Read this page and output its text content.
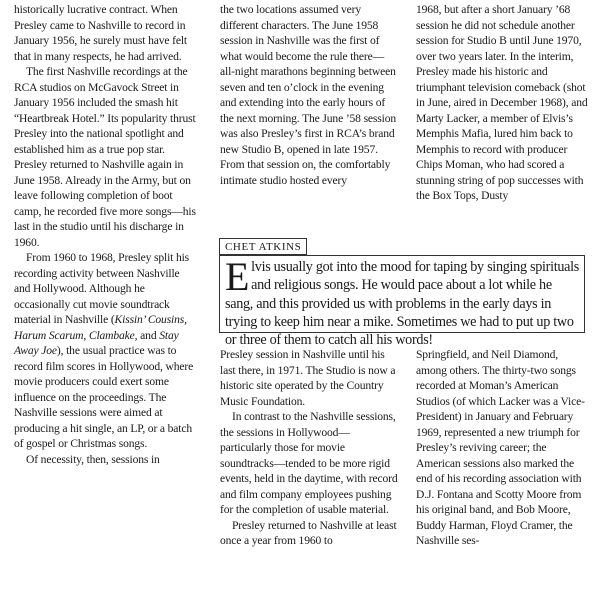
historically lucrative contract. When Presley came to Nashville to record in January 1956, he surely must have felt that in many respects, he had arrived.

The first Nashville recordings at the RCA studios on McGavock Street in January 1956 included the smash hit “Heartbreak Hotel.” Its popularity thrust Presley into the national spotlight and established him as a true pop star. Presley returned to Nashville again in June 1958. Already in the Army, but on leave following completion of boot camp, he recorded five more songs—his last in the studio until his discharge in 1960.

From 1960 to 1968, Presley split his recording activity between Nashville and Hollywood. Although he occasionally cut movie soundtrack material in Nashville (Kissin’ Cousins, Harum Scarum, Clambake, and Stay Away Joe), the usual practice was to record film scores in Hollywood, where movie producers could exert some influence on the proceedings. The Nashville sessions were aimed at producing a hit single, an LP, or a batch of gospel or Christmas songs.

Of necessity, then, sessions in

the two locations assumed very different characters. The June 1958 session in Nashville was the first of what would become the rule there—all-night marathons beginning between seven and ten o’clock in the evening and extending into the early hours of the next morning. The June ’58 session was also Presley’s first in RCA’s brand new Studio B, opened in late 1957. From that session on, the comfortably intimate studio hosted every

1968, but after a short January ’68 session he did not schedule another session for Studio B until June 1970, over two years later. In the interim, Presley made his historic and triumphant television comeback (shot in June, aired in December 1968), and Marty Lacker, a member of Elvis’s Memphis Mafia, lured him back to Memphis to record with producer Chips Moman, who had scored a stunning string of pop successes with the Box Tops, Dusty

CHET ATKINS
Elvis usually got into the mood for taping by singing spirituals and religious songs. He would pace about a lot while he sang, and this provided us with problems in the early days in trying to keep him near a mike. Sometimes we had to put up two or three of them to catch all his words!

Presley session in Nashville until his last there, in 1971. The Studio is now a historic site operated by the Country Music Foundation.

In contrast to the Nashville sessions, the sessions in Hollywood—particularly those for movie soundtracks—tended to be more rigid events, held in the daytime, with record and film company employees pushing for the completion of usable material.

Presley returned to Nashville at least once a year from 1960 to

Springfield, and Neil Diamond, among others. The thirty-two songs recorded at Moman’s American Studios (of which Lacker was a Vice-President) in January and February 1969, represented a new triumph for Presley’s reviving career; the American sessions also marked the end of his recording association with D.J. Fontana and Scotty Moore from his original band, and Bob Moore, Buddy Harman, Floyd Cramer, the Nashville ses-
